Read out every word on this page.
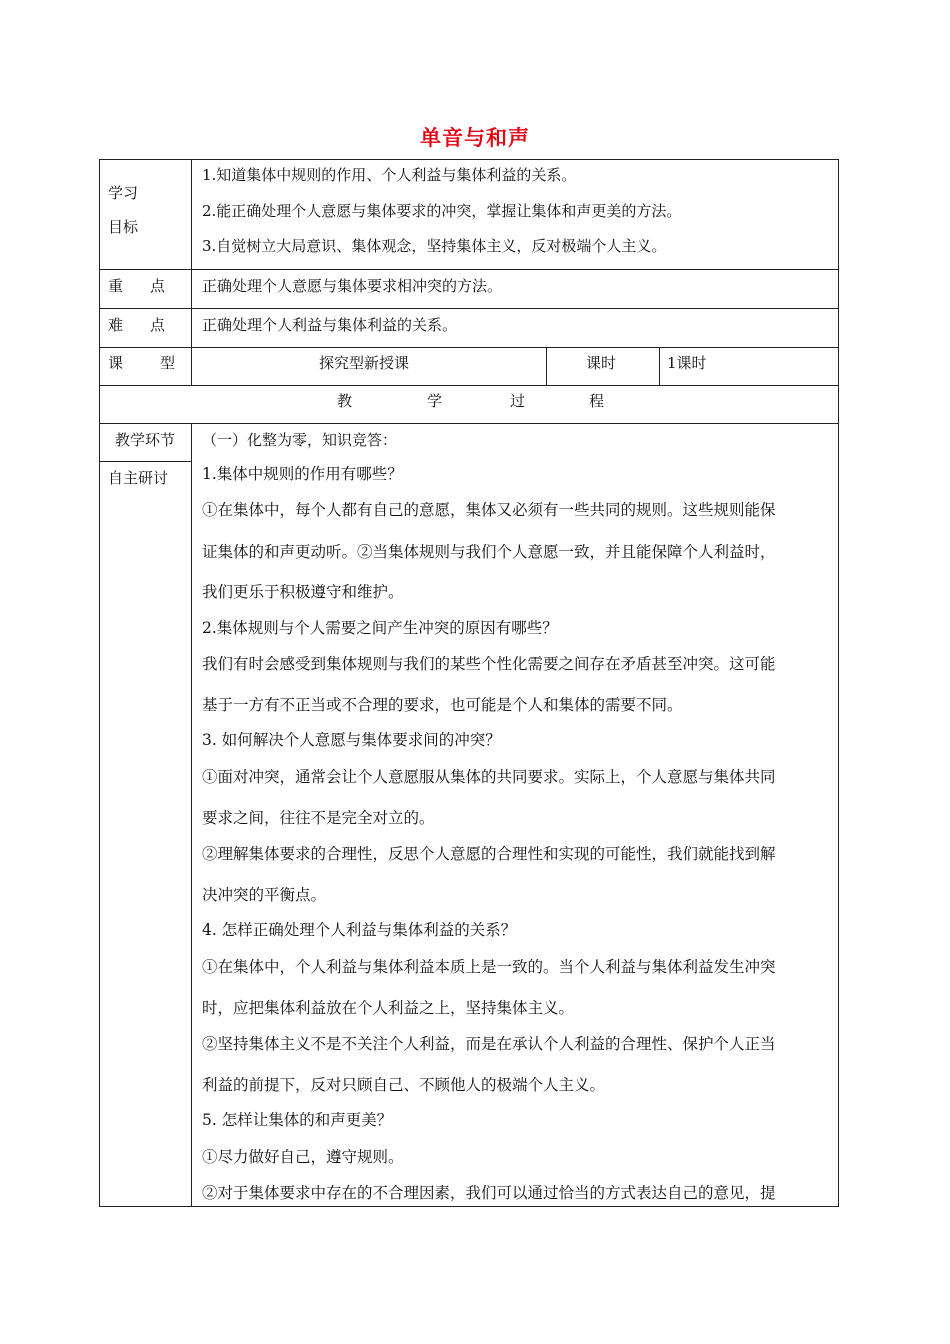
单音与和声
学习
目标
1.知道集体中规则的作用、个人利益与集体利益的关系。
2.能正确处理个人意愿与集体要求的冲突，掌握让集体和声更美的方法。
3.自觉树立大局意识、集体观念，坚持集体主义，反对极端个人主义。
重 点 正确处理个人意愿与集体要求相冲突的方法。
难 点 正确处理个人利益与集体利益的关系。
课 型	探究型新授课	课时	1课时
教	学	过	程
教学环节 （一）化整为零，知识竞答：
自主研讨 1.集体中规则的作用有哪些？
①在集体中，每个人都有自己的意愿，集体又必须有一些共同的规则。这些规则能保
证集体的和声更动听。②当集体规则与我们个人意愿一致，并且能保障个人利益时，
我们更乐于积极遵守和维护。
2.集体规则与个人需要之间产生冲突的原因有哪些？
我们有时会感受到集体规则与我们的某些个性化需要之间存在矛盾甚至冲突。这可能
基于一方有不正当或不合理的要求，也可能是个人和集体的需要不同。
3. 如何解决个人意愿与集体要求间的冲突？
①面对冲突，通常会让个人意愿服从集体的共同要求。实际上，个人意愿与集体共同
要求之间，往往不是完全对立的。
②理解集体要求的合理性，反思个人意愿的合理性和实现的可能性，我们就能找到解
决冲突的平衡点。
4. 怎样正确处理个人利益与集体利益的关系？
①在集体中，个人利益与集体利益本质上是一致的。当个人利益与集体利益发生冲突
时，应把集体利益放在个人利益之上，坚持集体主义。
②坚持集体主义不是不关注个人利益，而是在承认个人利益的合理性、保护个人正当
利益的前提下，反对只顾自己、不顾他人的极端个人主义。
5. 怎样让集体的和声更美？
①尽力做好自己，遵守规则。
②对于集体要求中存在的不合理因素，我们可以通过恰当的方式表达自己的意见，提
